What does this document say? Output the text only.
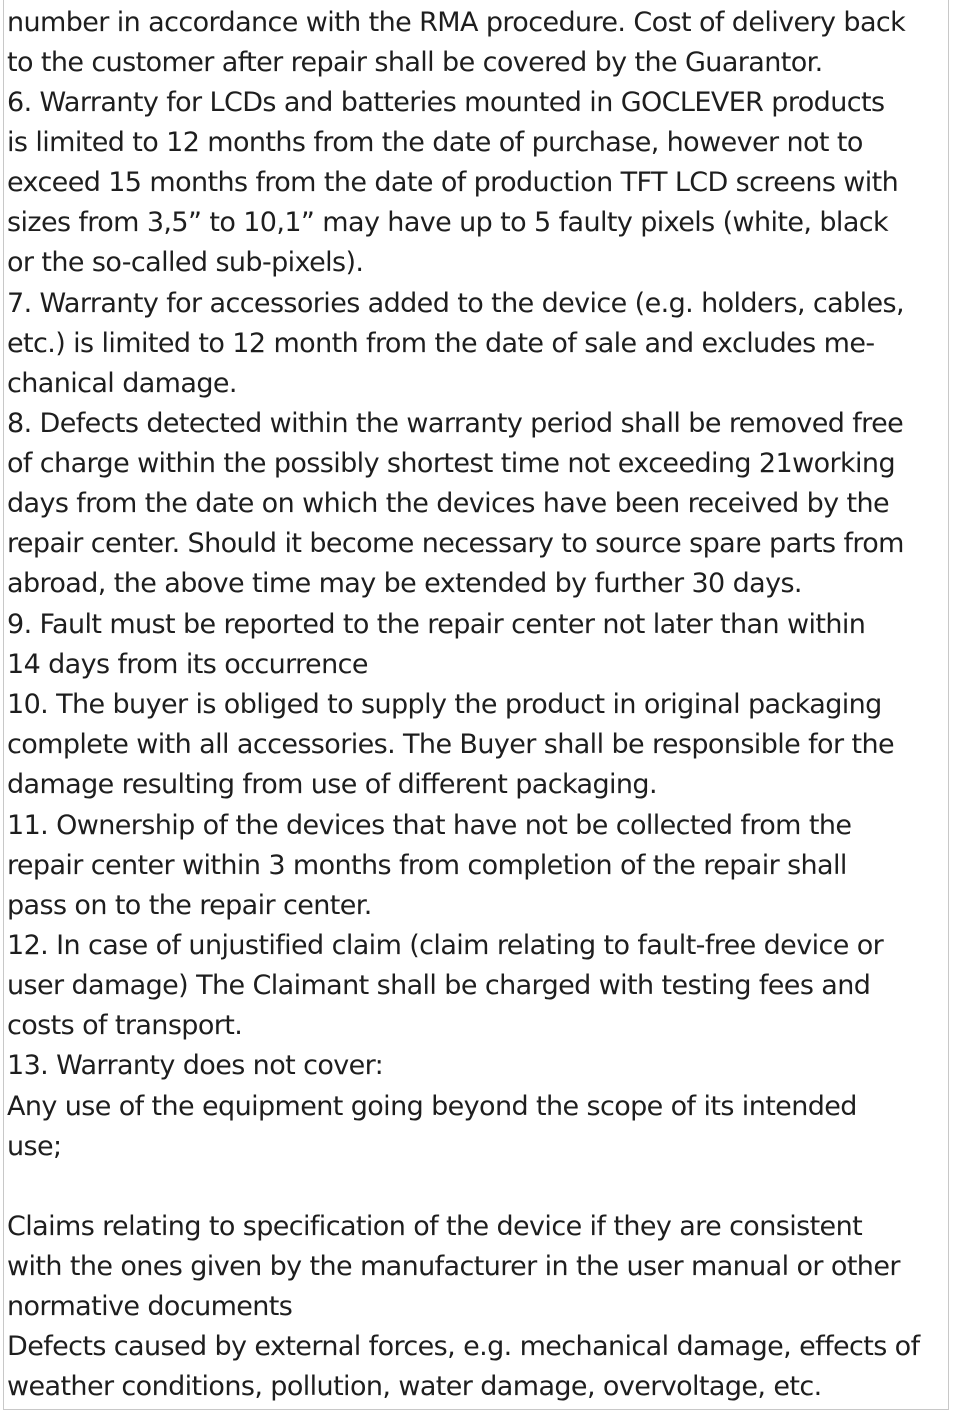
number in accordance with the RMA procedure. Cost of delivery back
to the customer after repair shall be covered by the Guarantor.
6. Warranty for LCDs and batteries mounted in GOCLEVER products
is limited to 12 months from the date of purchase, however not to
exceed 15 months from the date of production TFT LCD screens with
sizes from 3,5” to 10,1” may have up to 5 faulty pixels (white, black
or the so-called sub-pixels).
7. Warranty for accessories added to the device (e.g. holders, cables,
etc.) is limited to 12 month from the date of sale and excludes me-
chanical damage.
8. Defects detected within the warranty period shall be removed free
of charge within the possibly shortest time not exceeding 21working
days from the date on which the devices have been received by the
repair center. Should it become necessary to source spare parts from
abroad, the above time may be extended by further 30 days.
9. Fault must be reported to the repair center not later than within
14 days from its occurrence
10. The buyer is obliged to supply the product in original packaging
complete with all accessories. The Buyer shall be responsible for the
damage resulting from use of different packaging.
11. Ownership of the devices that have not be collected from the
repair center within 3 months from completion of the repair shall
pass on to the repair center.
12. In case of unjustified claim (claim relating to fault-free device or
user damage) The Claimant shall be charged with testing fees and
costs of transport.
13. Warranty does not cover:
Any use of the equipment going beyond the scope of its intended
use;
Claims relating to specification of the device if they are consistent
with the ones given by the manufacturer in the user manual or other
normative documents
Defects caused by external forces, e.g. mechanical damage, effects of
weather conditions, pollution, water damage, overvoltage, etc.
